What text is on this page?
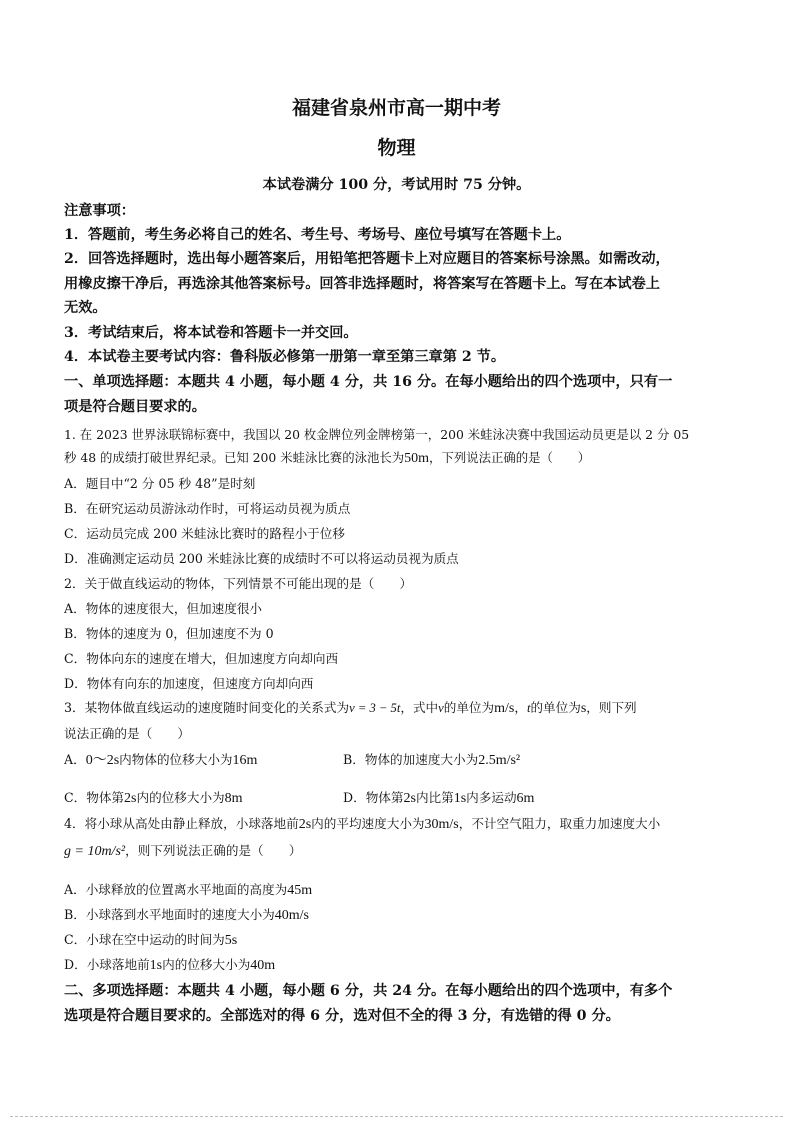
福建省泉州市高一期中考
物理
本试卷满分 100 分，考试用时 75 分钟。
注意事项：
1．答题前，考生务必将自己的姓名、考生号、考场号、座位号填写在答题卡上。
2．回答选择题时，选出每小题答案后，用铅笔把答题卡上对应题目的答案标号涂黑。如需改动，
用橡皮擦干净后，再选涂其他答案标号。回答非选择题时，将答案写在答题卡上。写在本试卷上
无效。
3．考试结束后，将本试卷和答题卡一并交回。
4．本试卷主要考试内容：鲁科版必修第一册第一章至第三章第 2 节。
一、单项选择题：本题共 4 小题，每小题 4 分，共 16 分。在每小题给出的四个选项中，只有一
项是符合题目要求的。
1. 在 2023 世界泳联锦标赛中，我国以 20 枚金牌位列金牌榜第一，200 米蛙泳决赛中我国运动员更是以 2 分 05
秒 48 的成绩打破世界纪录。已知 200 米蛙泳比赛的泳池长为50m，下列说法正确的是（　　）
A．题目中“2 分 05 秒 48”是时刻
B．在研究运动员游泳动作时，可将运动员视为质点
C．运动员完成 200 米蛙泳比赛时的路程小于位移
D．准确测定运动员 200 米蛙泳比赛的成绩时不可以将运动员视为质点
2．关于做直线运动的物体，下列情景不可能出现的是（　　）
A．物体的速度很大，但加速度很小
B．物体的速度为 0，但加速度不为 0
C．物体向东的速度在增大，但加速度方向却向西
D．物体有向东的加速度，但速度方向却向西
3．某物体做直线运动的速度随时间变化的关系式为v = 3 − 5t，式中v的单位为m/s，t的单位为s，则下列
说法正确的是（　　）
A．0～2s内物体的位移大小为16m	B．物体的加速度大小为2.5m/s²
C．物体第2s内的位移大小为8m	D．物体第2s内比第1s内多运动6m
4．将小球从高处由静止释放，小球落地前2s内的平均速度大小为30m/s，不计空气阻力，取重力加速度大小
g = 10m/s²，则下列说法正确的是（　　）
A．小球释放的位置离水平地面的高度为45m
B．小球落到水平地面时的速度大小为40m/s
C．小球在空中运动的时间为5s
D．小球落地前1s内的位移大小为40m
二、多项选择题：本题共 4 小题，每小题 6 分，共 24 分。在每小题给出的四个选项中，有多个
选项是符合题目要求的。全部选对的得 6 分，选对但不全的得 3 分，有选错的得 0 分。
